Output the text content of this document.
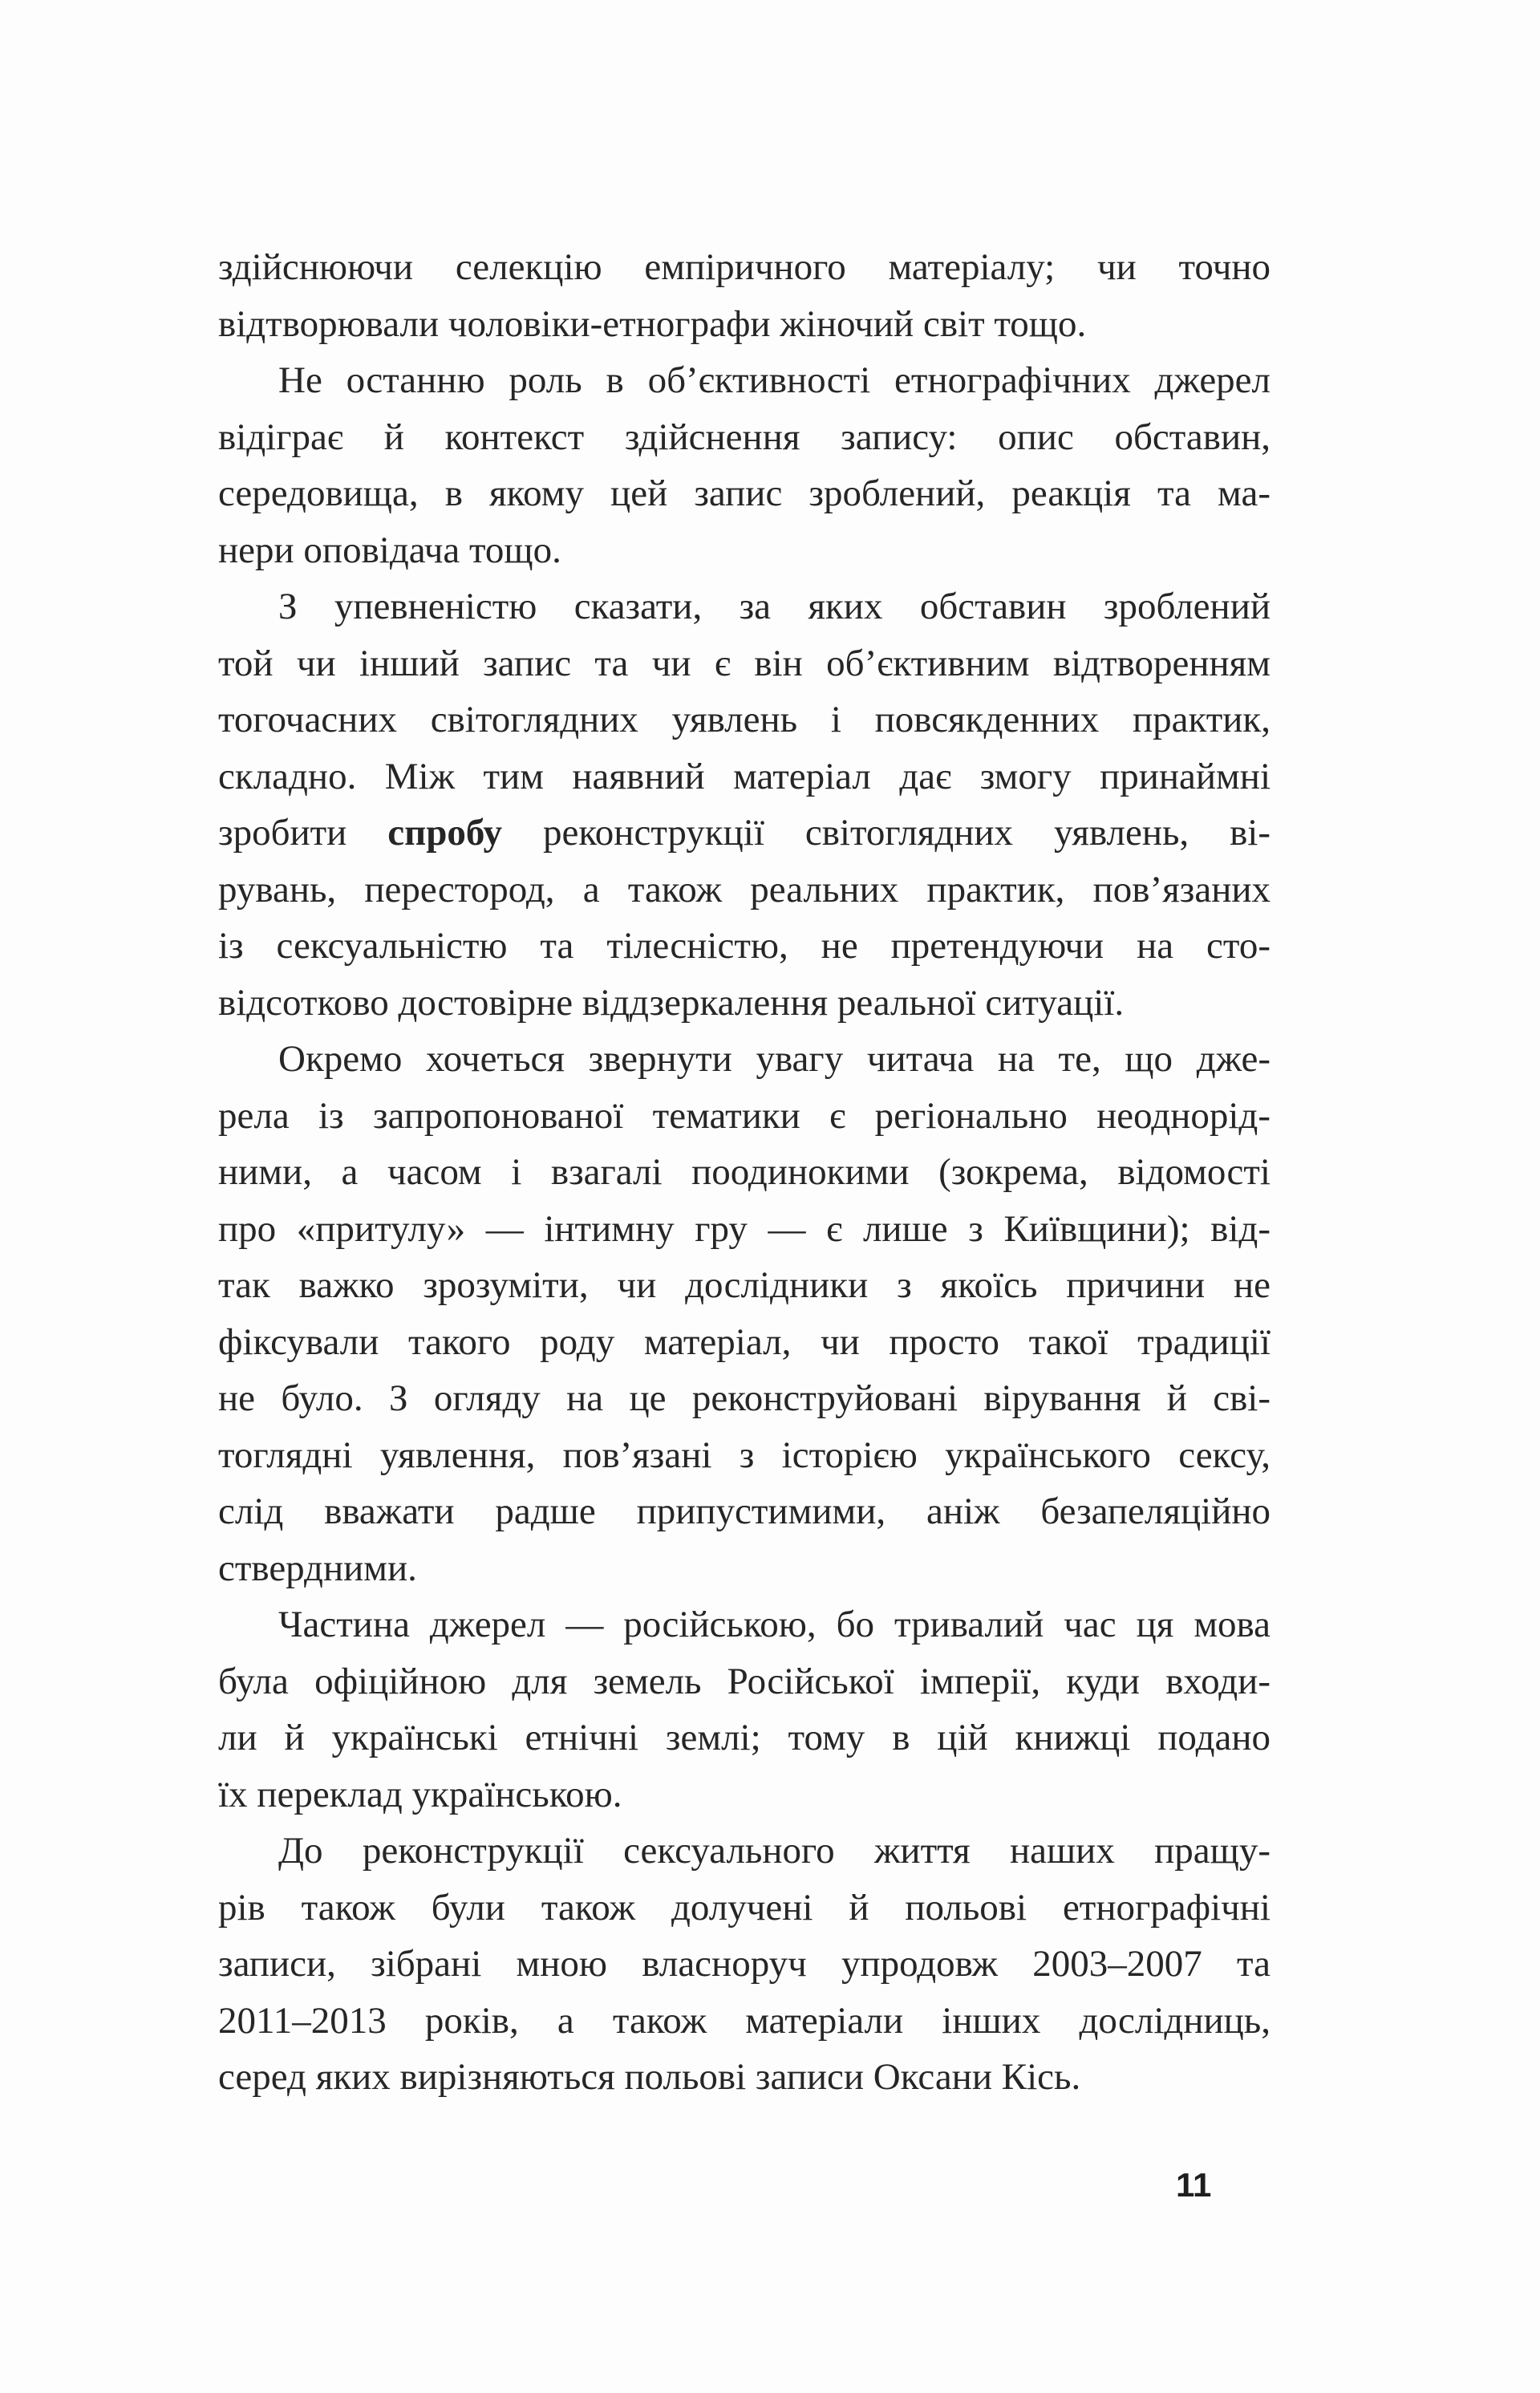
здійснюючи селекцію емпіричного матеріалу; чи точно
відтворювали чоловіки-етнографи жіночий світ тощо.
Не останню роль в об’єктивності етнографічних джерел
відіграє й контекст здійснення запису: опис обставин,
середовища, в якому цей запис зроблений, реакція та ма-
нери оповідача тощо.
З упевненістю сказати, за яких обставин зроблений
той чи інший запис та чи є він об’єктивним відтворенням
тогочасних світоглядних уявлень і повсякденних практик,
складно. Між тим наявний матеріал дає змогу принаймні
зробити спробу реконструкції світоглядних уявлень, ві-
рувань, перестород, а також реальних практик, пов’язаних
із сексуальністю та тілесністю, не претендуючи на сто-
відсотково достовірне віддзеркалення реальної ситуації.
Окремо хочеться звернути увагу читача на те, що дже-
рела із запропонованої тематики є регіонально неоднорід-
ними, а часом і взагалі поодинокими (зокрема, відомості
про «притулу» — інтимну гру — є лише з Київщини); від-
так важко зрозуміти, чи дослідники з якоїсь причини не
фіксували такого роду матеріал, чи просто такої традиції
не було. З огляду на це реконструйовані вірування й сві-
тоглядні уявлення, пов’язані з історією українського сексу,
слід вважати радше припустимими, аніж безапеляційно
ствердними.
Частина джерел — російською, бо тривалий час ця мова
була офіційною для земель Російської імперії, куди входи-
ли й українські етнічні землі; тому в цій книжці подано
їх переклад українською.
До реконструкції сексуального життя наших пращу-
рів також були також долучені й польові етнографічні
записи, зібрані мною власноруч упродовж 2003–2007 та
2011–2013 років, а також матеріали інших дослідниць,
серед яких вирізняються польові записи Оксани Кісь.
11
